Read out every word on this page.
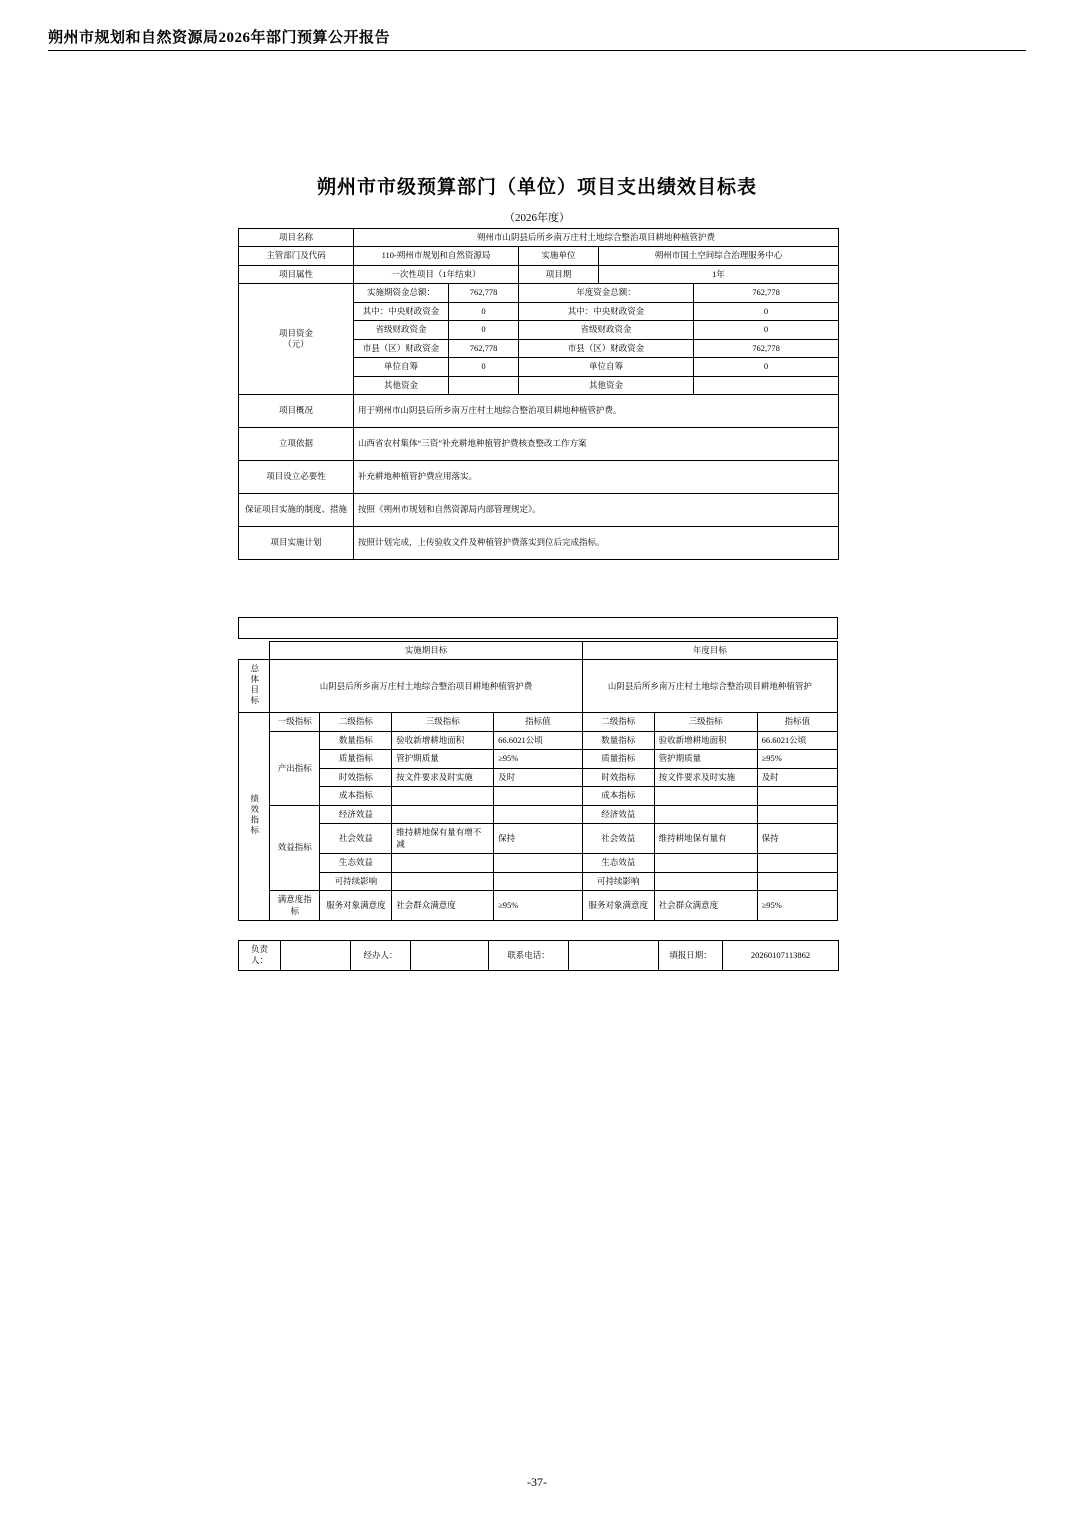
朔州市规划和自然资源局2026年部门预算公开报告
朔州市市级预算部门（单位）项目支出绩效目标表
（2026年度）
项目名称	朔州市山阴县后所乡南万庄村土地综合整治项目耕地种植管护费				
主管部门及代码	110-朔州市规划和自然资源局		实施单位	朔州市国土空间综合治理服务中心	
项目属性	一次性项目（1年结束）		项目期	1年	
项目资金
（元）	实施期资金总额：	762,778	年度资金总额：		762,778
	其中：中央财政资金	0	其中：中央财政资金		0
	省级财政资金	0	省级财政资金		0
	市县（区）财政资金	762,778	市县（区）财政资金		762,778
	单位自筹	0	单位自筹		0
	其他资金		其他资金		
项目概况	用于朔州市山阴县后所乡南万庄村土地综合整治项目耕地种植管护费。				
立项依据	山西省农村集体“三资”补充耕地种植管护费核查整改工作方案				
项目设立必要性	补充耕地种植管护费应用落实。				
保证项目实施的制度、措施	按照《朔州市规划和自然资源局内部管理规定》。				
项目实施计划	按照计划完成，上传验收文件及种植管护费落实到位后完成指标。				

	实施期目标				年度目标		
总体目标	山阴县后所乡南万庄村土地综合整治项目耕地种植管护费				山阴县后所乡南万庄村土地综合整治项目耕地种植管护		
绩效指标	一级指标	二级指标	三级指标	指标值	二级指标	三级指标	指标值
	产出指标	数量指标	验收新增耕地面积	66.6021公顷	数量指标	验收新增耕地面积	66.6021公顷
		质量指标	管护期质量	≥95%	质量指标	管护期质量	≥95%
		时效指标	按文件要求及时实施	及时	时效指标	按文件要求及时实施	及时
		成本指标			成本指标		
	效益指标	经济效益			经济效益		
		社会效益	维持耕地保有量有增不减	保持	社会效益	维持耕地保有量有	保持
		生态效益			生态效益		
		可持续影响			可持续影响		
	满意度指标	服务对象满意度	社会群众满意度	≥95%	服务对象满意度	社会群众满意度	≥95%
负责人：		经办人：		联系电话：		填报日期：	20260107113862
-37-
